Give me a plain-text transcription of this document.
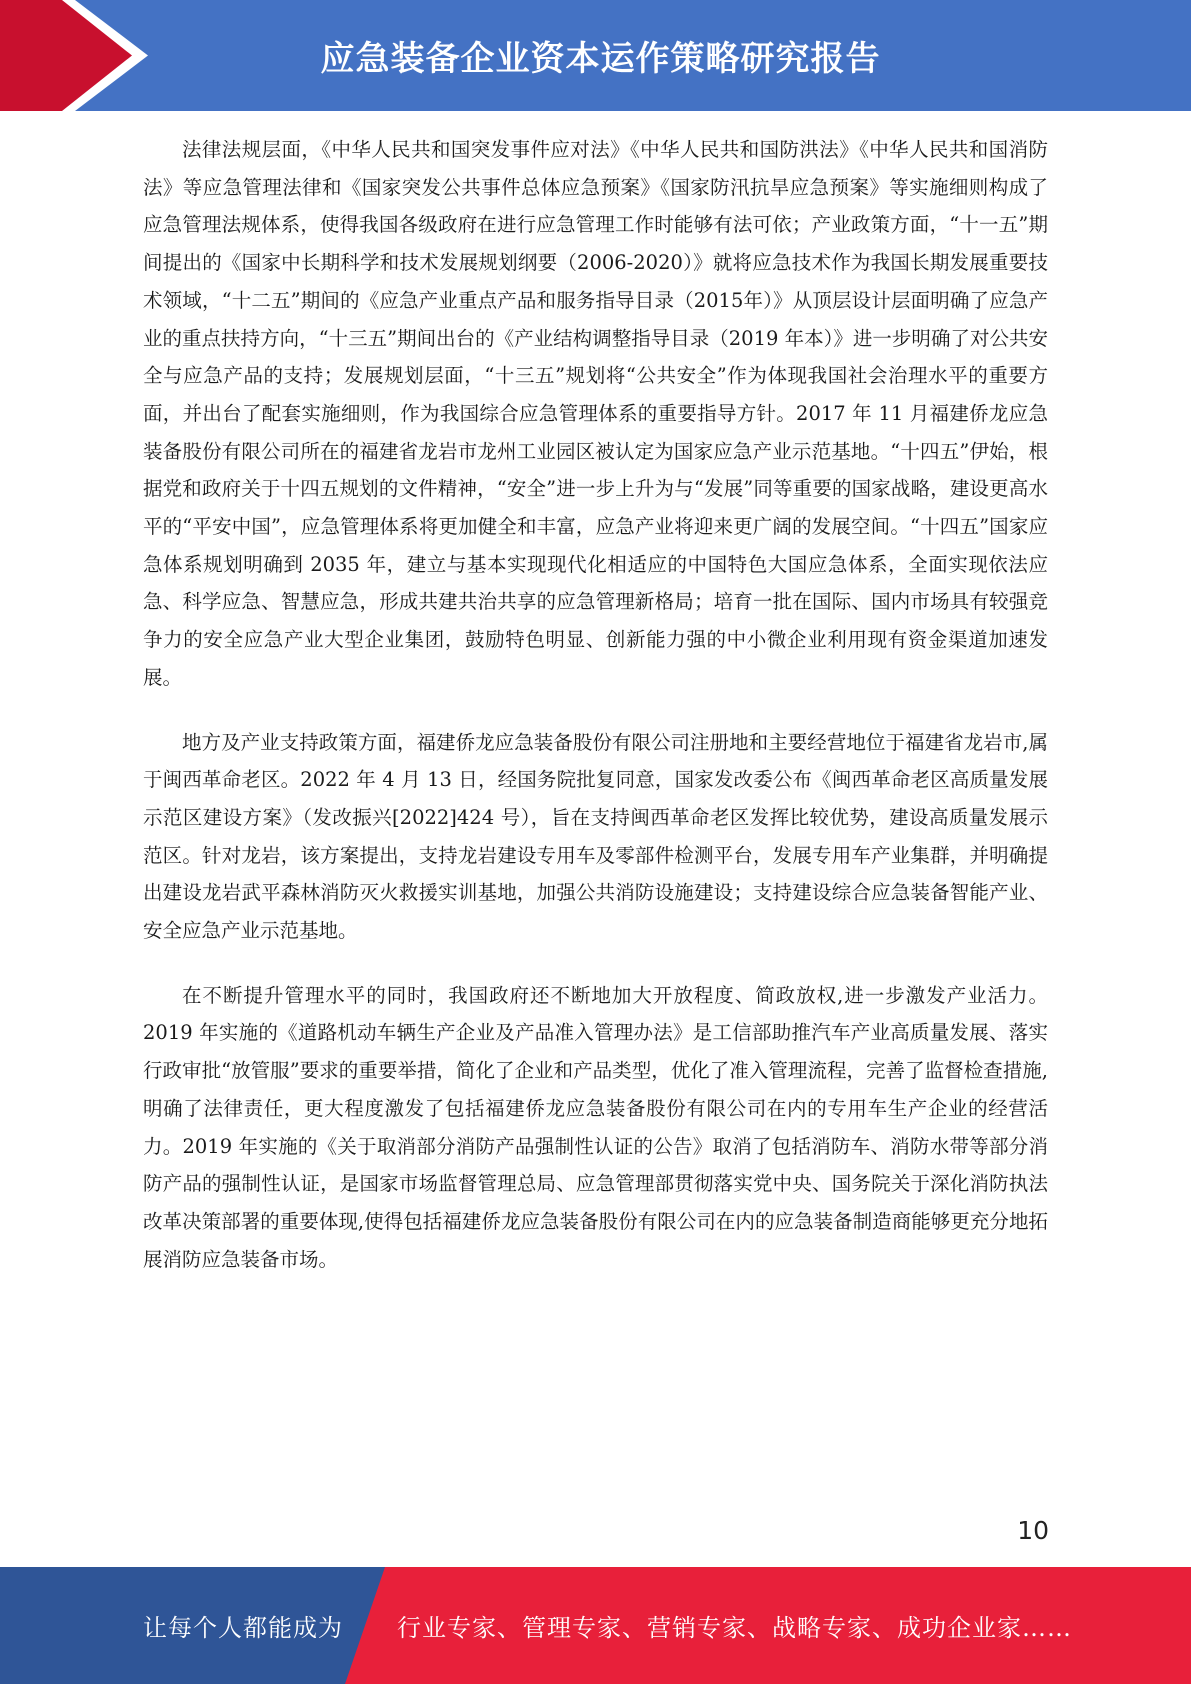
应急装备企业资本运作策略研究报告

法律法规层面，《中华人民共和国突发事件应对法》《中华人民共和国防洪法》《中华人民共和国消防法》等应急管理法律和《国家突发公共事件总体应急预案》《国家防汛抗旱应急预案》等实施细则构成了应急管理法规体系，使得我国各级政府在进行应急管理工作时能够有法可依；产业政策方面，“十一五”期间提出的《国家中长期科学和技术发展规划纲要（2006-2020）》就将应急技术作为我国长期发展重要技术领域，“十二五”期间的《应急产业重点产品和服务指导目录（2015年）》从顶层设计层面明确了应急产业的重点扶持方向，“十三五”期间出台的《产业结构调整指导目录（2019 年本）》进一步明确了对公共安全与应急产品的支持；发展规划层面，“十三五”规划将“公共安全”作为体现我国社会治理水平的重要方面，并出台了配套实施细则，作为我国综合应急管理体系的重要指导方针。2017 年 11 月福建侨龙应急装备股份有限公司所在的福建省龙岩市龙州工业园区被认定为国家应急产业示范基地。“十四五”伊始，根据党和政府关于十四五规划的文件精神，“安全”进一步上升为与“发展”同等重要的国家战略，建设更高水平的“平安中国”，应急管理体系将更加健全和丰富，应急产业将迎来更广阔的发展空间。“十四五”国家应急体系规划明确到 2035 年，建立与基本实现现代化相适应的中国特色大国应急体系，全面实现依法应急、科学应急、智慧应急，形成共建共治共享的应急管理新格局；培育一批在国际、国内市场具有较强竞争力的安全应急产业大型企业集团，鼓励特色明显、创新能力强的中小微企业利用现有资金渠道加速发展。

地方及产业支持政策方面，福建侨龙应急装备股份有限公司注册地和主要经营地位于福建省龙岩市,属于闽西革命老区。2022 年 4 月 13 日，经国务院批复同意，国家发改委公布《闽西革命老区高质量发展示范区建设方案》（发改振兴[2022]424 号），旨在支持闽西革命老区发挥比较优势，建设高质量发展示范区。针对龙岩，该方案提出，支持龙岩建设专用车及零部件检测平台，发展专用车产业集群，并明确提出建设龙岩武平森林消防灭火救援实训基地，加强公共消防设施建设；支持建设综合应急装备智能产业、安全应急产业示范基地。

在不断提升管理水平的同时，我国政府还不断地加大开放程度、简政放权,进一步激发产业活力。2019 年实施的《道路机动车辆生产企业及产品准入管理办法》是工信部助推汽车产业高质量发展、落实行政审批“放管服”要求的重要举措，简化了企业和产品类型，优化了准入管理流程，完善了监督检查措施,明确了法律责任，更大程度激发了包括福建侨龙应急装备股份有限公司在内的专用车生产企业的经营活力。2019 年实施的《关于取消部分消防产品强制性认证的公告》取消了包括消防车、消防水带等部分消防产品的强制性认证，是国家市场监督管理总局、应急管理部贯彻落实党中央、国务院关于深化消防执法改革决策部署的重要体现,使得包括福建侨龙应急装备股份有限公司在内的应急装备制造商能够更充分地拓展消防应急装备市场。

10
让每个人都能成为 行业专家、管理专家、营销专家、战略专家、成功企业家……
